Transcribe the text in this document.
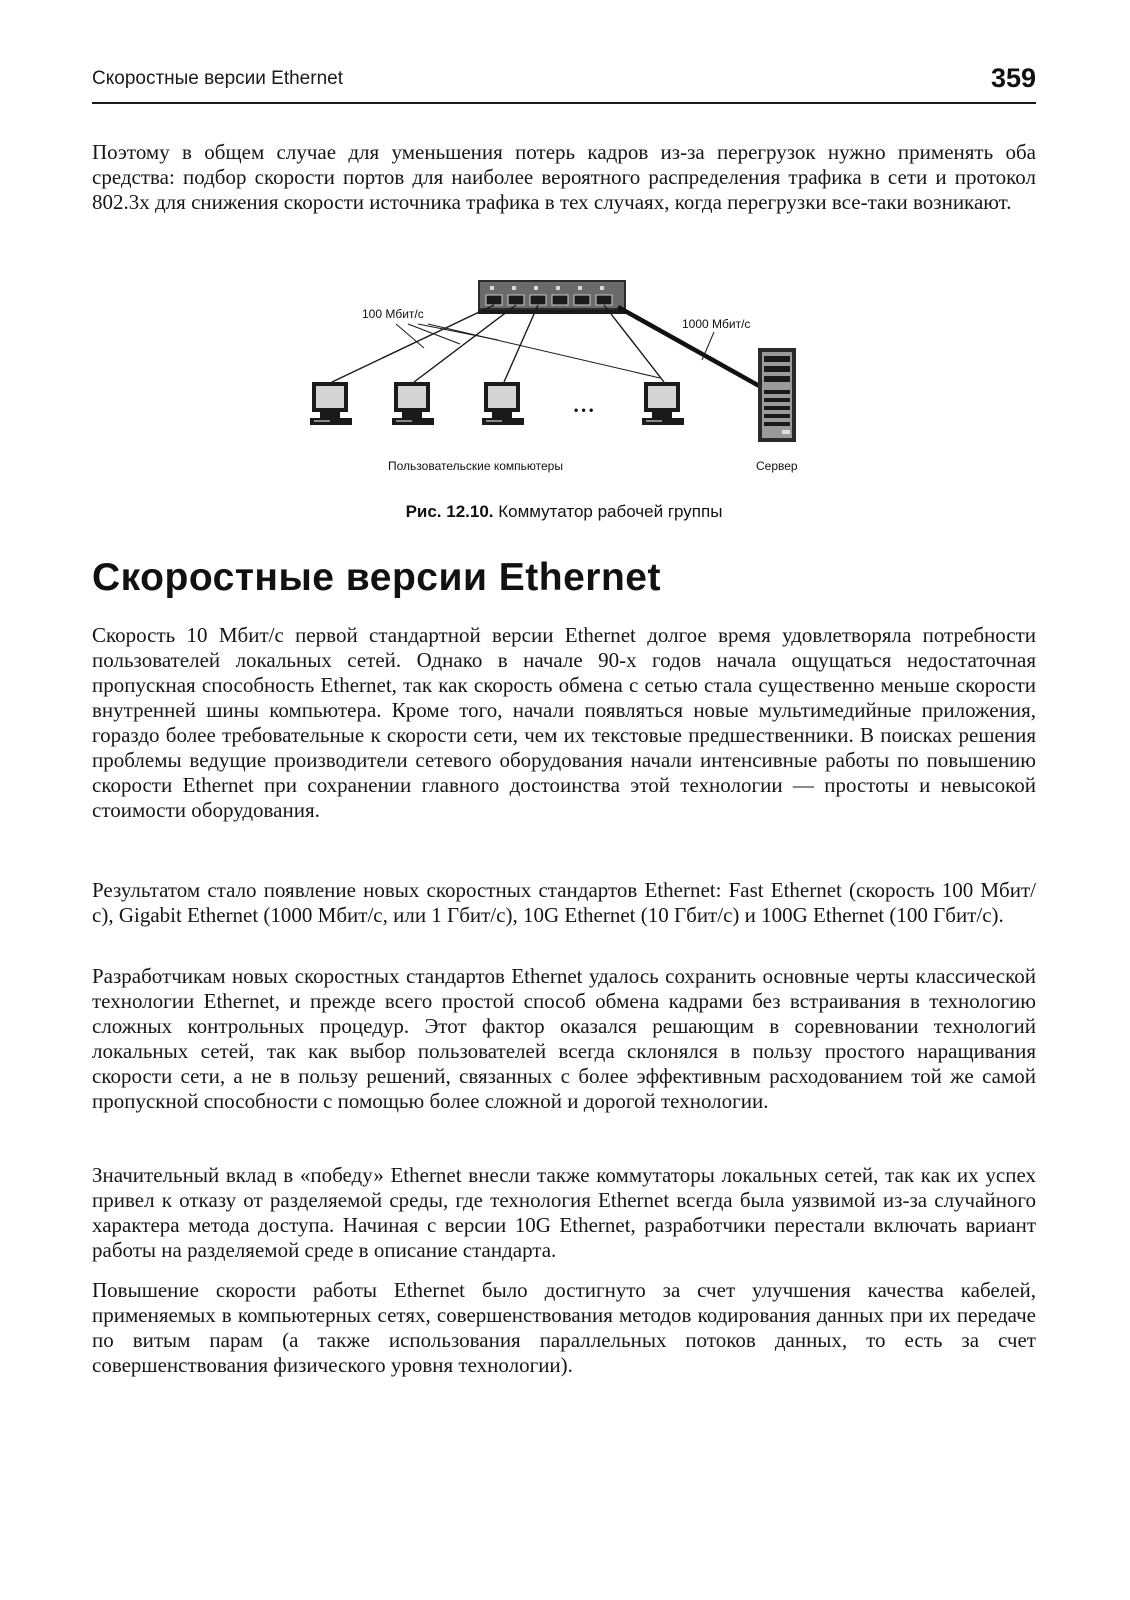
Скоростные версии Ethernet	359

Поэтому в общем случае для уменьшения потерь кадров из-за перегрузок нужно применять оба средства: подбор скорости портов для наиболее вероятного распределения трафика в сети и протокол 802.3x для снижения скорости источника трафика в тех случаях, когда перегрузки все-таки возникают.

100 Мбит/с
1000 Мбит/с
• • •
Пользовательские компьютеры	Сервер
Рис. 12.10. Коммутатор рабочей группы
Скоростные версии Ethernet

Скорость 10 Мбит/с первой стандартной версии Ethernet долгое время удовлетворяла потребности пользователей локальных сетей. Однако в начале 90-х годов начала ощущаться недостаточная пропускная способность Ethernet, так как скорость обмена с сетью стала существенно меньше скорости внутренней шины компьютера. Кроме того, начали появляться новые мультимедийные приложения, гораздо более требовательные к скорости сети, чем их текстовые предшественники. В поисках решения проблемы ведущие производители сетевого оборудования начали интенсивные работы по повышению скорости Ethernet при сохранении главного достоинства этой технологии — простоты и невысокой стоимости оборудования.

Результатом стало появление новых скоростных стандартов Ethernet: Fast Ethernet (скорость 100 Мбит/с), Gigabit Ethernet (1000 Мбит/с, или 1 Гбит/с), 10G Ethernet (10 Гбит/с) и 100G Ethernet (100 Гбит/с).

Разработчикам новых скоростных стандартов Ethernet удалось сохранить основные черты классической технологии Ethernet, и прежде всего простой способ обмена кадрами без встраивания в технологию сложных контрольных процедур. Этот фактор оказался решающим в соревновании технологий локальных сетей, так как выбор пользователей всегда склонялся в пользу простого наращивания скорости сети, а не в пользу решений, связанных с более эффективным расходованием той же самой пропускной способности с помощью более сложной и дорогой технологии.

Значительный вклад в «победу» Ethernet внесли также коммутаторы локальных сетей, так как их успех привел к отказу от разделяемой среды, где технология Ethernet всегда была уязвимой из-за случайного характера метода доступа. Начиная с версии 10G Ethernet, разработчики перестали включать вариант работы на разделяемой среде в описание стандарта.

Повышение скорости работы Ethernet было достигнуто за счет улучшения качества кабелей, применяемых в компьютерных сетях, совершенствования методов кодирования данных при их передаче по витым парам (а также использования параллельных потоков данных, то есть за счет совершенствования физического уровня технологии).
